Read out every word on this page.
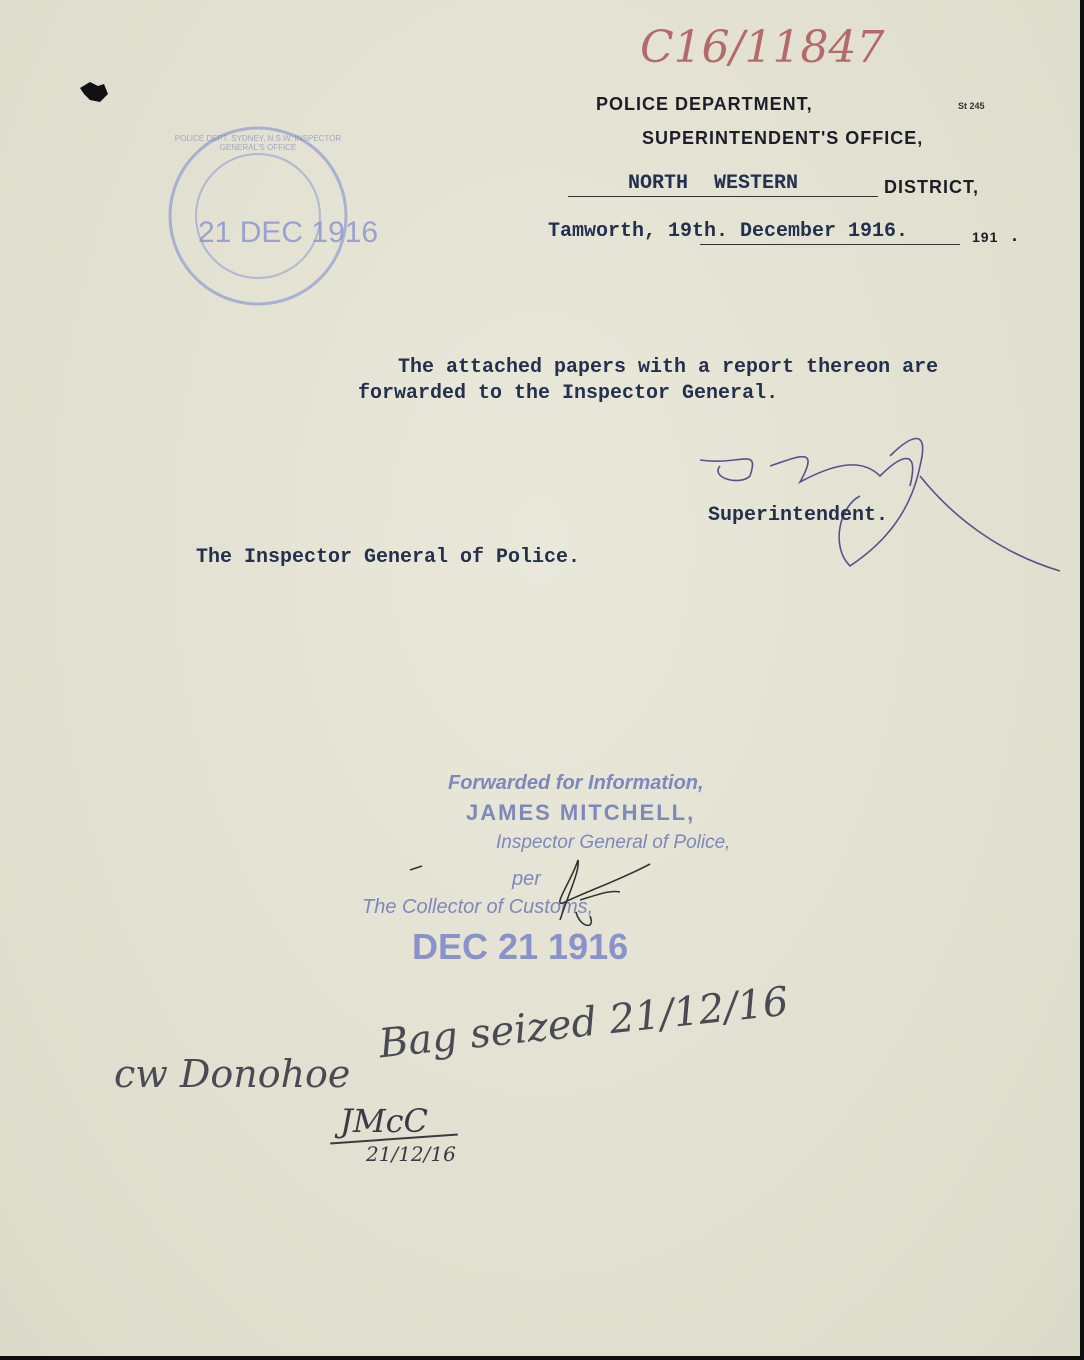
C16/11847
POLICE DEPARTMENT,	St 245
SUPERINTENDENT'S OFFICE,
NORTH WESTERN	DISTRICT,
Tamworth, 19th. December 1916.	191 .
POLICE DEPT. SYDNEY, N.S.W. INSPECTOR GENERAL'S OFFICE
21 DEC 1916
The attached papers with a report thereon are
forwarded to the Inspector General.
Superintendent.
The Inspector General of Police.
Forwarded for Information,
JAMES MITCHELL,
Inspector General of Police,
per
The Collector of Customs,
DEC 21 1916
Bag seized 21/12/16
cw Donohoe
JMcC
21/12/16
